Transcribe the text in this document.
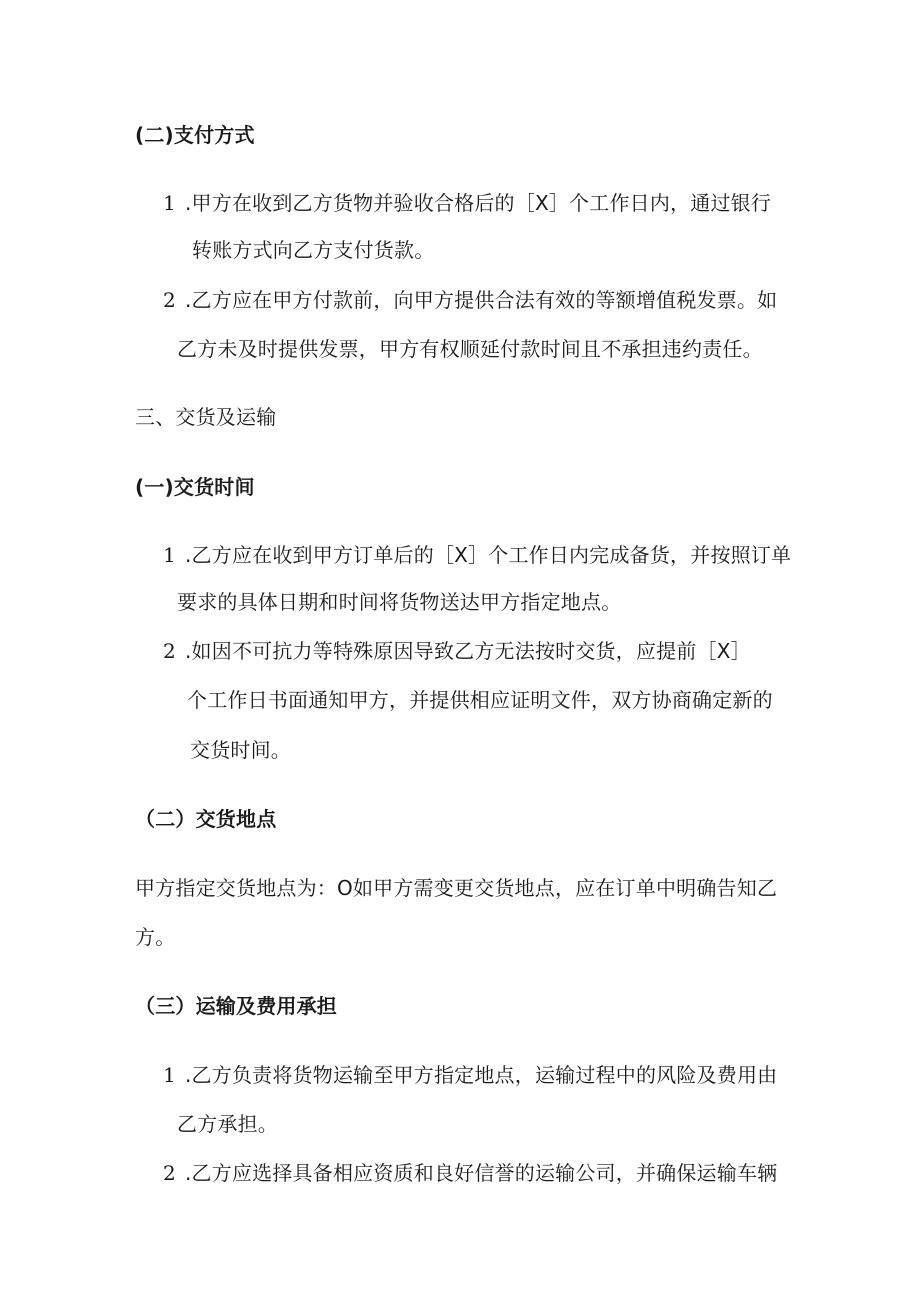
(二)支付方式
1 .甲方在收到乙方货物并验收合格后的［X］个工作日内，通过银行
转账方式向乙方支付货款。
2 .乙方应在甲方付款前，向甲方提供合法有效的等额增值税发票。如
乙方未及时提供发票，甲方有权顺延付款时间且不承担违约责任。
三、交货及运输
(一)交货时间
1 .乙方应在收到甲方订单后的［X］个工作日内完成备货，并按照订单
要求的具体日期和时间将货物送达甲方指定地点。
2 .如因不可抗力等特殊原因导致乙方无法按时交货，应提前［X］
个工作日书面通知甲方，并提供相应证明文件，双方协商确定新的
交货时间。
（二）交货地点
甲方指定交货地点为：O如甲方需变更交货地点，应在订单中明确告知乙
方。
（三）运输及费用承担
1 .乙方负责将货物运输至甲方指定地点，运输过程中的风险及费用由
乙方承担。
2 .乙方应选择具备相应资质和良好信誉的运输公司，并确保运输车辆
